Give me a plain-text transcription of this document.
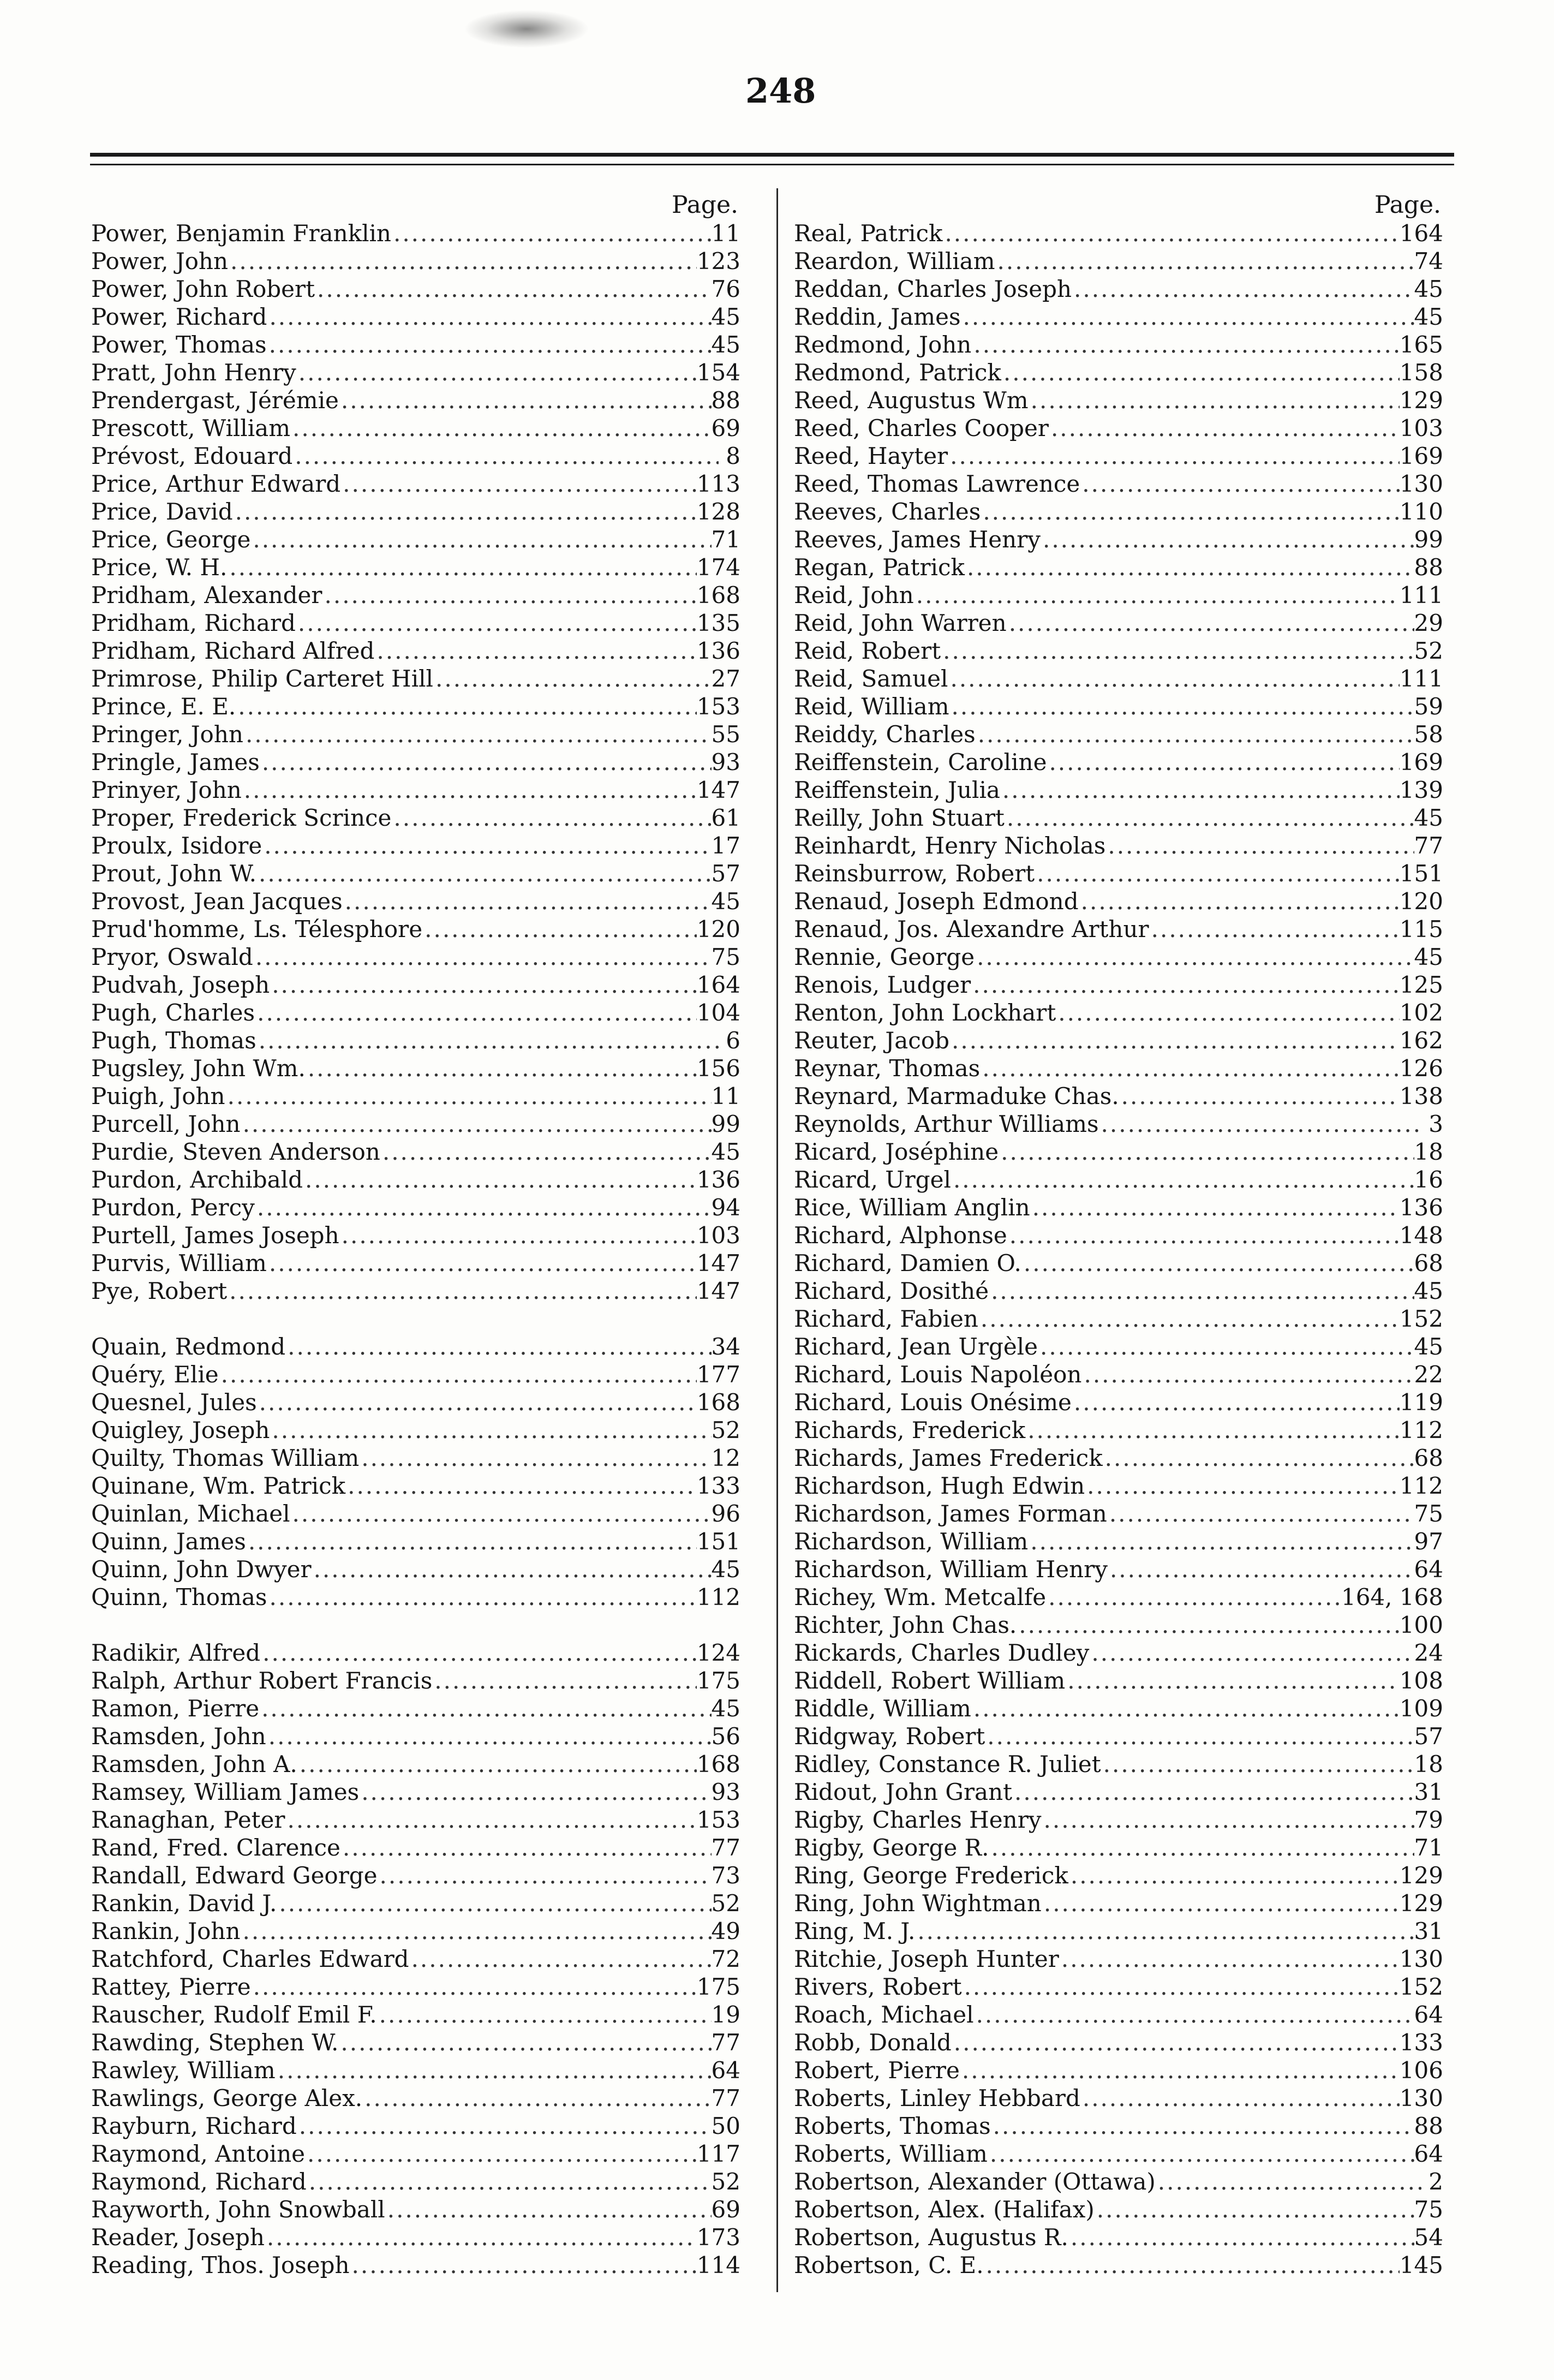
248
Page.
Power, Benjamin Franklin .....	11
Power, John .....	123
Power, John Robert .....	76
Power, Richard .....	45
Power, Thomas .....	45
Pratt, John Henry .....	154
Prendergast, Jérémie .....	88
Prescott, William .....	69
Prévost, Edouard .....	8
Price, Arthur Edward .....	113
Price, David .....	128
Price, George .....	71
Price, W. H. .....	174
Pridham, Alexander .....	168
Pridham, Richard .....	135
Pridham, Richard Alfred .....	136
Primrose, Philip Carteret Hill .....	27
Prince, E. E. .....	153
Pringer, John .....	55
Pringle, James .....	93
Prinyer, John .....	147
Proper, Frederick Scrince .....	61
Proulx, Isidore .....	17
Prout, John W. .....	57
Provost, Jean Jacques .....	45
Prud'homme, Ls. Télesphore .....	120
Pryor, Oswald .....	75
Pudvah, Joseph .....	164
Pugh, Charles .....	104
Pugh, Thomas .....	6
Pugsley, John Wm. .....	156
Puigh, John .....	11
Purcell, John .....	99
Purdie, Steven Anderson .....	45
Purdon, Archibald .....	136
Purdon, Percy .....	94
Purtell, James Joseph .....	103
Purvis, William .....	147
Pye, Robert .....	147
Quain, Redmond .....	34
Quéry, Elie .....	177
Quesnel, Jules .....	168
Quigley, Joseph .....	52
Quilty, Thomas William .....	12
Quinane, Wm. Patrick .....	133
Quinlan, Michael .....	96
Quinn, James .....	151
Quinn, John Dwyer .....	45
Quinn, Thomas .....	112
Radikir, Alfred .....	124
Ralph, Arthur Robert Francis .....	175
Ramon, Pierre .....	45
Ramsden, John .....	56
Ramsden, John A. .....	168
Ramsey, William James .....	93
Ranaghan, Peter .....	153
Rand, Fred. Clarence .....	77
Randall, Edward George .....	73
Rankin, David J. .....	52
Rankin, John .....	49
Ratchford, Charles Edward .....	72
Rattey, Pierre .....	175
Rauscher, Rudolf Emil F. .....	19
Rawding, Stephen W. .....	77
Rawley, William .....	64
Rawlings, George Alex. .....	77
Rayburn, Richard .....	50
Raymond, Antoine .....	117
Raymond, Richard .....	52
Rayworth, John Snowball .....	69
Reader, Joseph .....	173
Reading, Thos. Joseph .....	114
Page.
Real, Patrick .....	164
Reardon, William .....	74
Reddan, Charles Joseph .....	45
Reddin, James .....	45
Redmond, John .....	165
Redmond, Patrick .....	158
Reed, Augustus Wm .....	129
Reed, Charles Cooper .....	103
Reed, Hayter .....	169
Reed, Thomas Lawrence .....	130
Reeves, Charles .....	110
Reeves, James Henry .....	99
Regan, Patrick .....	88
Reid, John .....	111
Reid, John Warren .....	29
Reid, Robert .....	52
Reid, Samuel .....	111
Reid, William .....	59
Reiddy, Charles .....	58
Reiffenstein, Caroline .....	169
Reiffenstein, Julia .....	139
Reilly, John Stuart .....	45
Reinhardt, Henry Nicholas .....	77
Reinsburrow, Robert .....	151
Renaud, Joseph Edmond .....	120
Renaud, Jos. Alexandre Arthur .....	115
Rennie, George .....	45
Renois, Ludger .....	125
Renton, John Lockhart .....	102
Reuter, Jacob .....	162
Reynar, Thomas .....	126
Reynard, Marmaduke Chas. .....	138
Reynolds, Arthur Williams .....	3
Ricard, Joséphine .....	18
Ricard, Urgel .....	16
Rice, William Anglin .....	136
Richard, Alphonse .....	148
Richard, Damien O. .....	68
Richard, Dosithé .....	45
Richard, Fabien .....	152
Richard, Jean Urgèle .....	45
Richard, Louis Napoléon .....	22
Richard, Louis Onésime .....	119
Richards, Frederick .....	112
Richards, James Frederick .....	68
Richardson, Hugh Edwin .....	112
Richardson, James Forman .....	75
Richardson, William .....	97
Richardson, William Henry .....	64
Richey, Wm. Metcalfe .....	164, 168
Richter, John Chas. .....	100
Rickards, Charles Dudley .....	24
Riddell, Robert William .....	108
Riddle, William .....	109
Ridgway, Robert .....	57
Ridley, Constance R. Juliet .....	18
Ridout, John Grant .....	31
Rigby, Charles Henry .....	79
Rigby, George R. .....	71
Ring, George Frederick .....	129
Ring, John Wightman .....	129
Ring, M. J. .....	31
Ritchie, Joseph Hunter .....	130
Rivers, Robert .....	152
Roach, Michael .....	64
Robb, Donald .....	133
Robert, Pierre .....	106
Roberts, Linley Hebbard .....	130
Roberts, Thomas .....	88
Roberts, William .....	64
Robertson, Alexander (Ottawa) .....	2
Robertson, Alex. (Halifax) .....	75
Robertson, Augustus R. .....	54
Robertson, C. E. .....	145
